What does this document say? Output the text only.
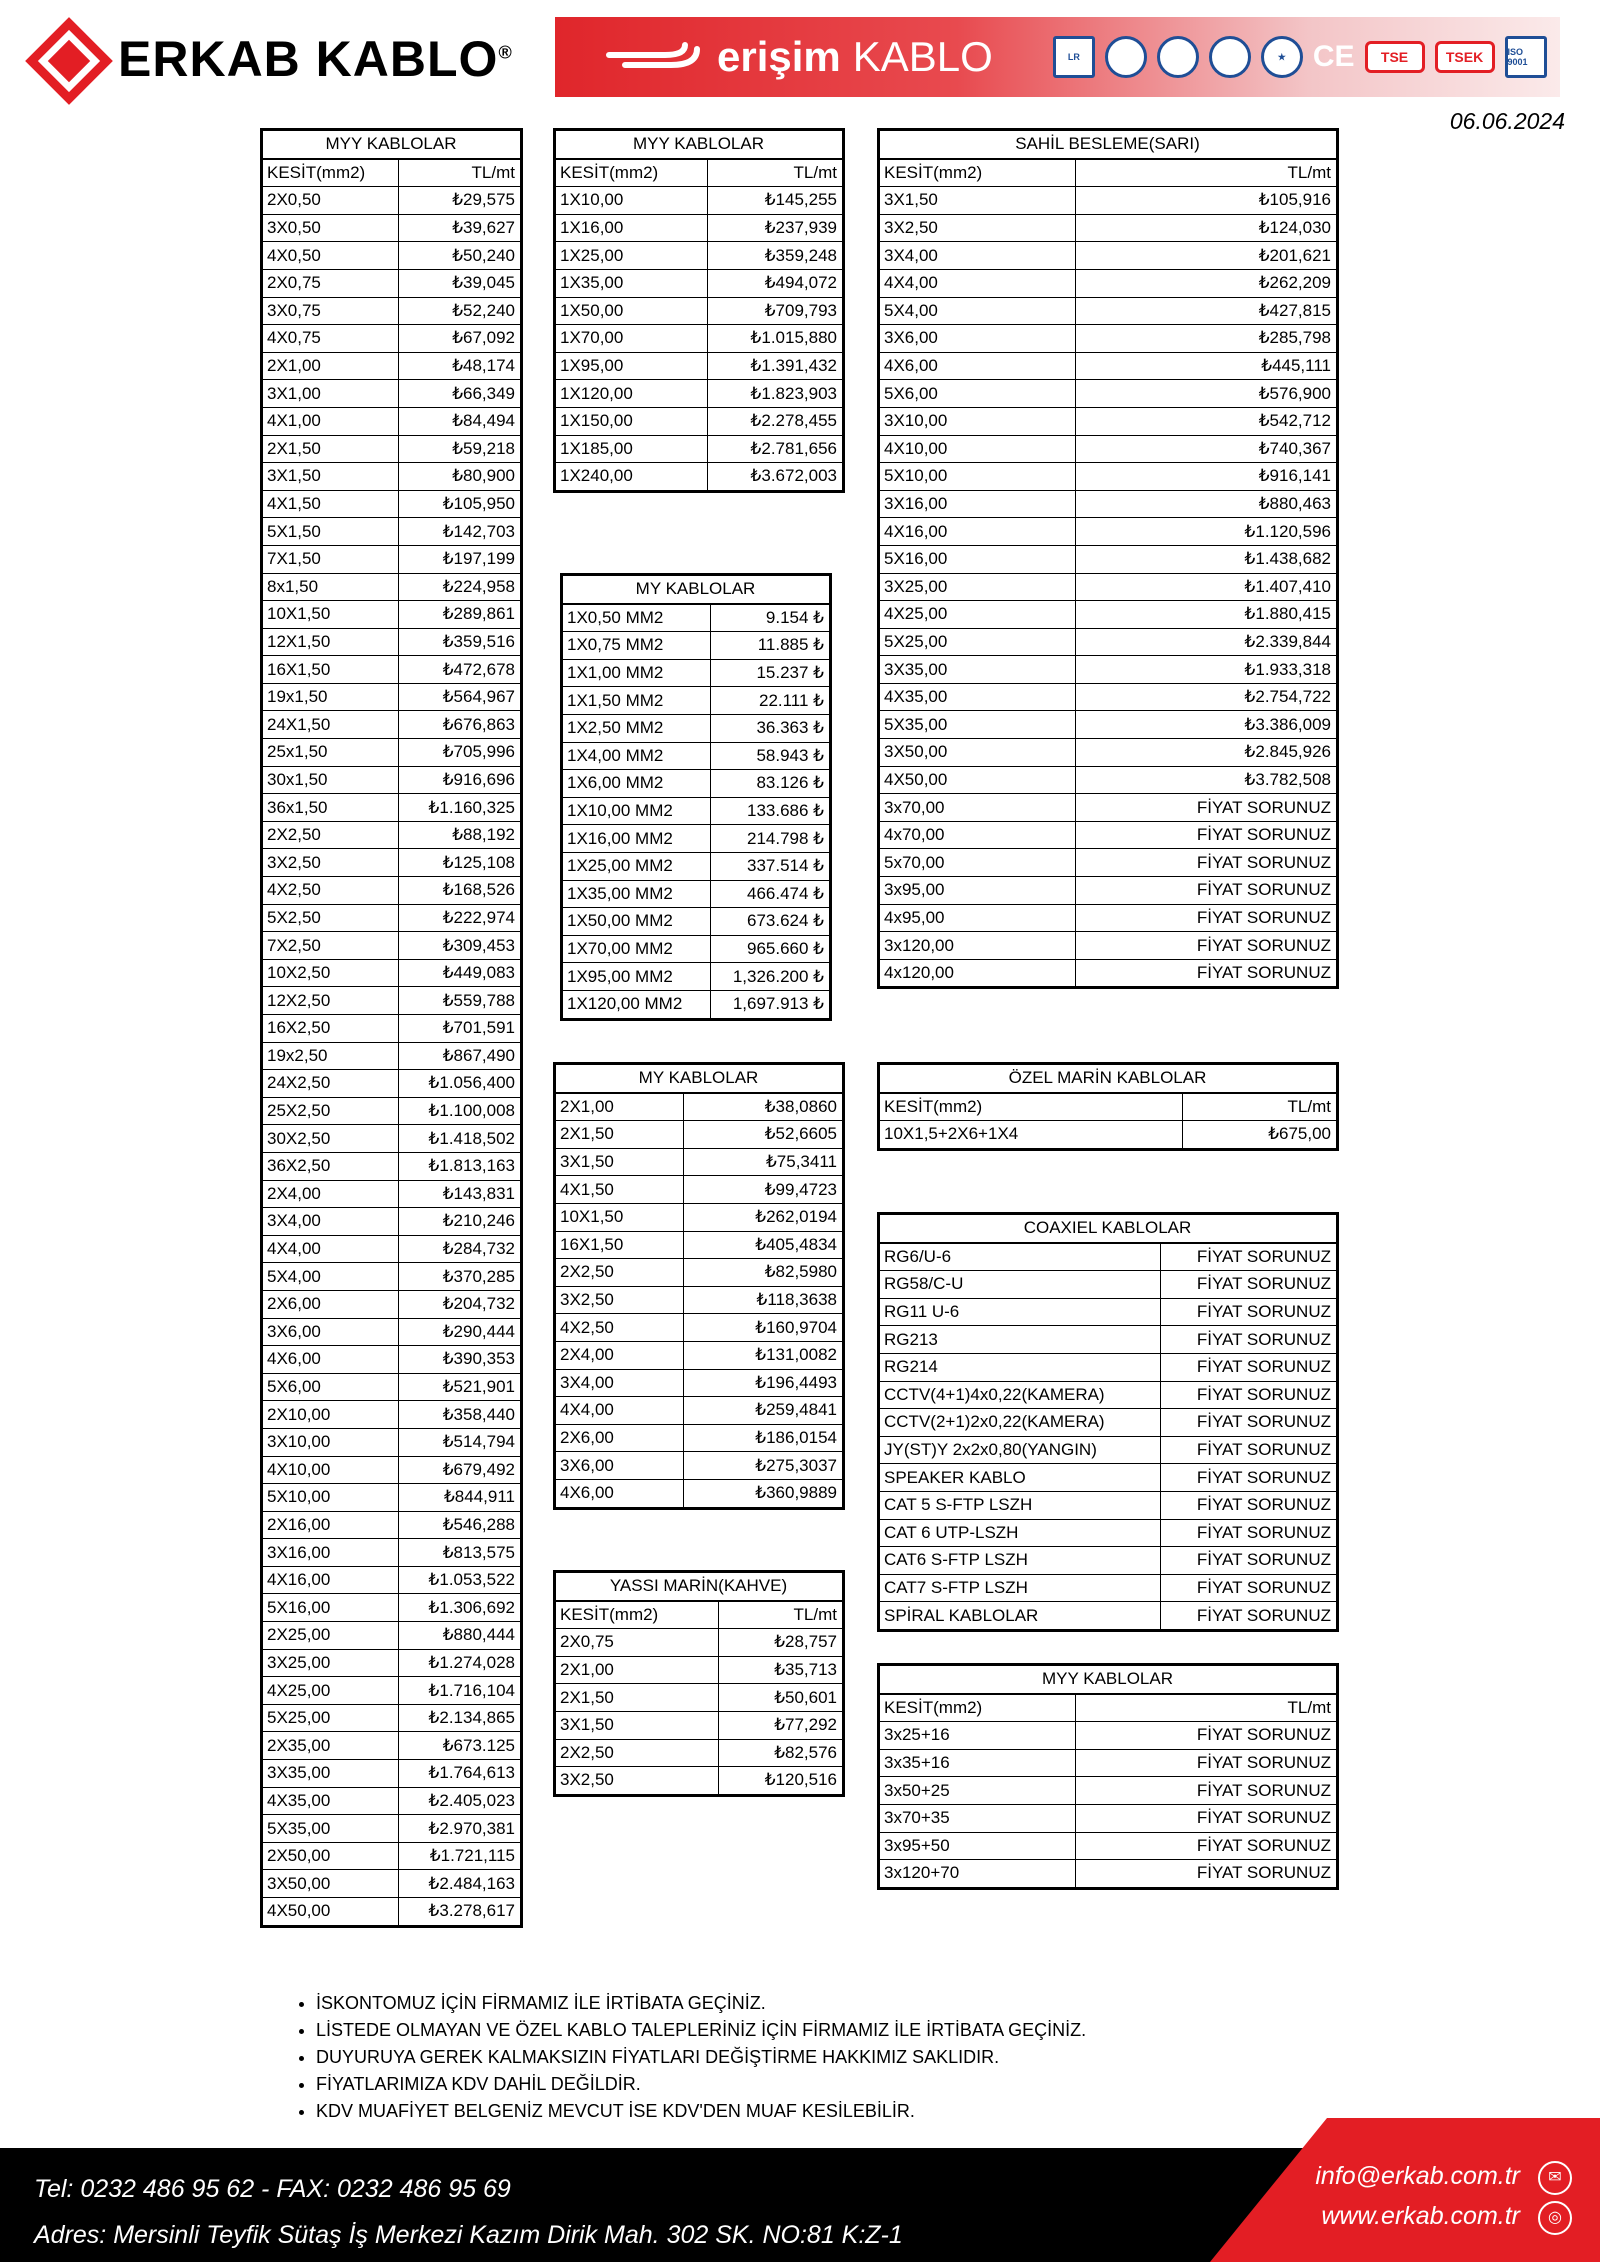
ERKAB KABLO®	erişim KABLO	LR	★ CE	TSE	TSEK	ISO 9001
06.06.2024
MYY KABLOLAR	
KESİT(mm2)	TL/mt
2X0,50	₺29,575
3X0,50	₺39,627
4X0,50	₺50,240
2X0,75	₺39,045
3X0,75	₺52,240
4X0,75	₺67,092
2X1,00	₺48,174
3X1,00	₺66,349
4X1,00	₺84,494
2X1,50	₺59,218
3X1,50	₺80,900
4X1,50	₺105,950
5X1,50	₺142,703
7X1,50	₺197,199
8x1,50	₺224,958
10X1,50	₺289,861
12X1,50	₺359,516
16X1,50	₺472,678
19x1,50	₺564,967
24X1,50	₺676,863
25x1,50	₺705,996
30x1,50	₺916,696
36x1,50	₺1.160,325
2X2,50	₺88,192
3X2,50	₺125,108
4X2,50	₺168,526
5X2,50	₺222,974
7X2,50	₺309,453
10X2,50	₺449,083
12X2,50	₺559,788
16X2,50	₺701,591
19x2,50	₺867,490
24X2,50	₺1.056,400
25X2,50	₺1.100,008
30X2,50	₺1.418,502
36X2,50	₺1.813,163
2X4,00	₺143,831
3X4,00	₺210,246
4X4,00	₺284,732
5X4,00	₺370,285
2X6,00	₺204,732
3X6,00	₺290,444
4X6,00	₺390,353
5X6,00	₺521,901
2X10,00	₺358,440
3X10,00	₺514,794
4X10,00	₺679,492
5X10,00	₺844,911
2X16,00	₺546,288
3X16,00	₺813,575
4X16,00	₺1.053,522
5X16,00	₺1.306,692
2X25,00	₺880,444
3X25,00	₺1.274,028
4X25,00	₺1.716,104
5X25,00	₺2.134,865
2X35,00	₺673.125
3X35,00	₺1.764,613
4X35,00	₺2.405,023
5X35,00	₺2.970,381
2X50,00	₺1.721,115
3X50,00	₺2.484,163
4X50,00	₺3.278,617
MYY KABLOLAR	
KESİT(mm2)	TL/mt
1X10,00	₺145,255
1X16,00	₺237,939
1X25,00	₺359,248
1X35,00	₺494,072
1X50,00	₺709,793
1X70,00	₺1.015,880
1X95,00	₺1.391,432
1X120,00	₺1.823,903
1X150,00	₺2.278,455
1X185,00	₺2.781,656
1X240,00	₺3.672,003
MY KABLOLAR	
1X0,50 MM2	9.154 ₺
1X0,75 MM2	11.885 ₺
1X1,00 MM2	15.237 ₺
1X1,50 MM2	22.111 ₺
1X2,50 MM2	36.363 ₺
1X4,00 MM2	58.943 ₺
1X6,00 MM2	83.126 ₺
1X10,00 MM2	133.686 ₺
1X16,00 MM2	214.798 ₺
1X25,00 MM2	337.514 ₺
1X35,00 MM2	466.474 ₺
1X50,00 MM2	673.624 ₺
1X70,00 MM2	965.660 ₺
1X95,00 MM2	1,326.200 ₺
1X120,00 MM2	1,697.913 ₺
MY KABLOLAR	
2X1,00	₺38,0860
2X1,50	₺52,6605
3X1,50	₺75,3411
4X1,50	₺99,4723
10X1,50	₺262,0194
16X1,50	₺405,4834
2X2,50	₺82,5980
3X2,50	₺118,3638
4X2,50	₺160,9704
2X4,00	₺131,0082
3X4,00	₺196,4493
4X4,00	₺259,4841
2X6,00	₺186,0154
3X6,00	₺275,3037
4X6,00	₺360,9889
YASSI MARİN(KAHVE)	
KESİT(mm2)	TL/mt
2X0,75	₺28,757
2X1,00	₺35,713
2X1,50	₺50,601
3X1,50	₺77,292
2X2,50	₺82,576
3X2,50	₺120,516
SAHİL BESLEME(SARI)	
KESİT(mm2)	TL/mt
3X1,50	₺105,916
3X2,50	₺124,030
3X4,00	₺201,621
4X4,00	₺262,209
5X4,00	₺427,815
3X6,00	₺285,798
4X6,00	₺445,111
5X6,00	₺576,900
3X10,00	₺542,712
4X10,00	₺740,367
5X10,00	₺916,141
3X16,00	₺880,463
4X16,00	₺1.120,596
5X16,00	₺1.438,682
3X25,00	₺1.407,410
4X25,00	₺1.880,415
5X25,00	₺2.339,844
3X35,00	₺1.933,318
4X35,00	₺2.754,722
5X35,00	₺3.386,009
3X50,00	₺2.845,926
4X50,00	₺3.782,508
3x70,00	FİYAT SORUNUZ
4x70,00	FİYAT SORUNUZ
5x70,00	FİYAT SORUNUZ
3x95,00	FİYAT SORUNUZ
4x95,00	FİYAT SORUNUZ
3x120,00	FİYAT SORUNUZ
4x120,00	FİYAT SORUNUZ
ÖZEL MARİN KABLOLAR	
KESİT(mm2)	TL/mt
10X1,5+2X6+1X4	₺675,00
COAXIEL KABLOLAR	
RG6/U-6	FİYAT SORUNUZ
RG58/C-U	FİYAT SORUNUZ
RG11 U-6	FİYAT SORUNUZ
RG213	FİYAT SORUNUZ
RG214	FİYAT SORUNUZ
CCTV(4+1)4x0,22(KAMERA)	FİYAT SORUNUZ
CCTV(2+1)2x0,22(KAMERA)	FİYAT SORUNUZ
JY(ST)Y 2x2x0,80(YANGIN)	FİYAT SORUNUZ
SPEAKER KABLO	FİYAT SORUNUZ
CAT 5 S-FTP LSZH	FİYAT SORUNUZ
CAT 6 UTP-LSZH	FİYAT SORUNUZ
CAT6 S-FTP LSZH	FİYAT SORUNUZ
CAT7 S-FTP LSZH	FİYAT SORUNUZ
SPİRAL KABLOLAR	FİYAT SORUNUZ
MYY KABLOLAR	
KESİT(mm2)	TL/mt
3x25+16	FİYAT SORUNUZ
3x35+16	FİYAT SORUNUZ
3x50+25	FİYAT SORUNUZ
3x70+35	FİYAT SORUNUZ
3x95+50	FİYAT SORUNUZ
3x120+70	FİYAT SORUNUZ
• İSKONTOMUZ İÇİN FİRMAMIZ İLE İRTİBATA GEÇİNİZ.
• LİSTEDE OLMAYAN VE ÖZEL KABLO TALEPLERİNİZ İÇİN FİRMAMIZ İLE İRTİBATA GEÇİNİZ.
• DUYURUYA GEREK KALMAKSIZIN FİYATLARI DEĞİŞTİRME HAKKIMIZ SAKLIDIR.
• FİYATLARIMIZA KDV DAHİL DEĞİLDİR.
• KDV MUAFİYET BELGENİZ MEVCUT İSE KDV'DEN MUAF KESİLEBİLİR.
Tel: 0232 486 95 62 - FAX: 0232 486 95 69
Adres: Mersinli Teyfik Sütaş İş Merkezi Kazım Dirik Mah. 302 SK. NO:81 K:Z-1
info@erkab.com.tr
www.erkab.com.tr
✉
◎
